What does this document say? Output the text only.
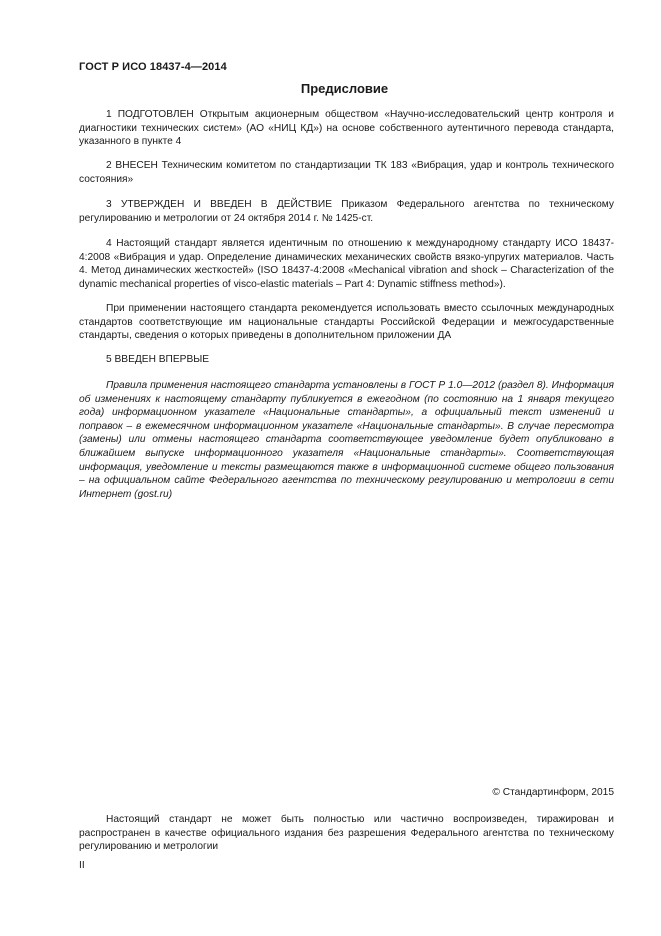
ГОСТ Р ИСО 18437-4—2014
Предисловие

1 ПОДГОТОВЛЕН Открытым акционерным обществом «Научно-исследовательский центр контроля и диагностики технических систем» (АО «НИЦ КД») на основе собственного аутентичного перевода стандарта, указанного в пункте 4

2 ВНЕСЕН Техническим комитетом по стандартизации ТК 183 «Вибрация, удар и контроль технического состояния»

3 УТВЕРЖДЕН И ВВЕДЕН В ДЕЙСТВИЕ Приказом Федерального агентства по техническому регулированию и метрологии от 24 октября 2014 г. № 1425-ст.

4 Настоящий стандарт является идентичным по отношению к международному стандарту ИСО 18437-4:2008 «Вибрация и удар. Определение динамических механических свойств вязко-упругих материалов. Часть 4. Метод динамических жесткостей» (ISO 18437-4:2008 «Mechanical vibration and shock – Characterization of the dynamic mechanical properties of visco-elastic materials – Part 4: Dynamic stiffness method»).

При применении настоящего стандарта рекомендуется использовать вместо ссылочных международных стандартов соответствующие им национальные стандарты Российской Федерации и межгосударственные стандарты, сведения о которых приведены в дополнительном приложении ДА

5 ВВЕДЕН ВПЕРВЫЕ

Правила применения настоящего стандарта установлены в ГОСТ Р 1.0—2012 (раздел 8). Информация об изменениях к настоящему стандарту публикуется в ежегодном (по состоянию на 1 января текущего года) информационном указателе «Национальные стандарты», а официальный текст изменений и поправок – в ежемесячном информационном указателе «Национальные стандарты». В случае пересмотра (замены) или отмены настоящего стандарта соответствующее уведомление будет опубликовано в ближайшем выпуске информационного указателя «Национальные стандарты». Соответствующая информация, уведомление и тексты размещаются также в информационной системе общего пользования – на официальном сайте Федерального агентства по техническому регулированию и метрологии в сети Интернет (gost.ru)

© Стандартинформ, 2015

Настоящий стандарт не может быть полностью или частично воспроизведен, тиражирован и распространен в качестве официального издания без разрешения Федерального агентства по техническому регулированию и метрологии

II
